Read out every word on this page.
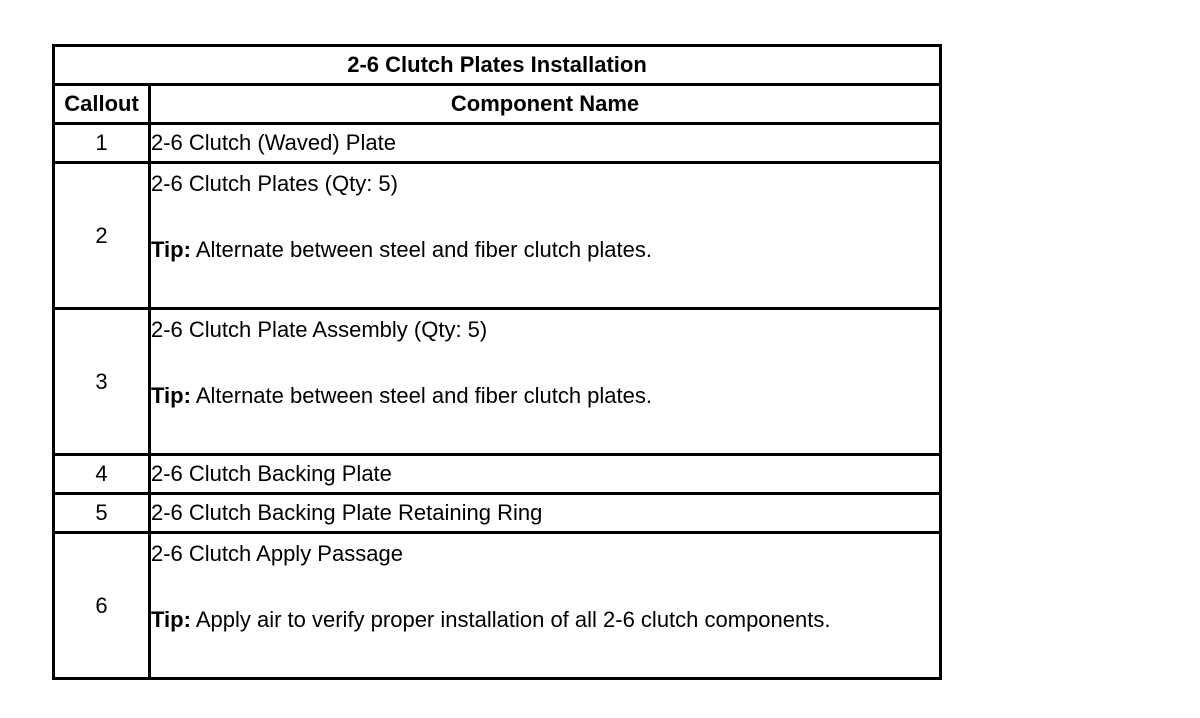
2-6 Clutch Plates Installation	
Callout	Component Name
1	2-6 Clutch (Waved) Plate
2	2-6 Clutch Plates (Qty: 5)
Tip: Alternate between steel and fiber clutch plates.

3	2-6 Clutch Plate Assembly (Qty: 5)
Tip: Alternate between steel and fiber clutch plates.

4	2-6 Clutch Backing Plate
5	2-6 Clutch Backing Plate Retaining Ring
6	2-6 Clutch Apply Passage
Tip: Apply air to verify proper installation of all 2-6 clutch components.
